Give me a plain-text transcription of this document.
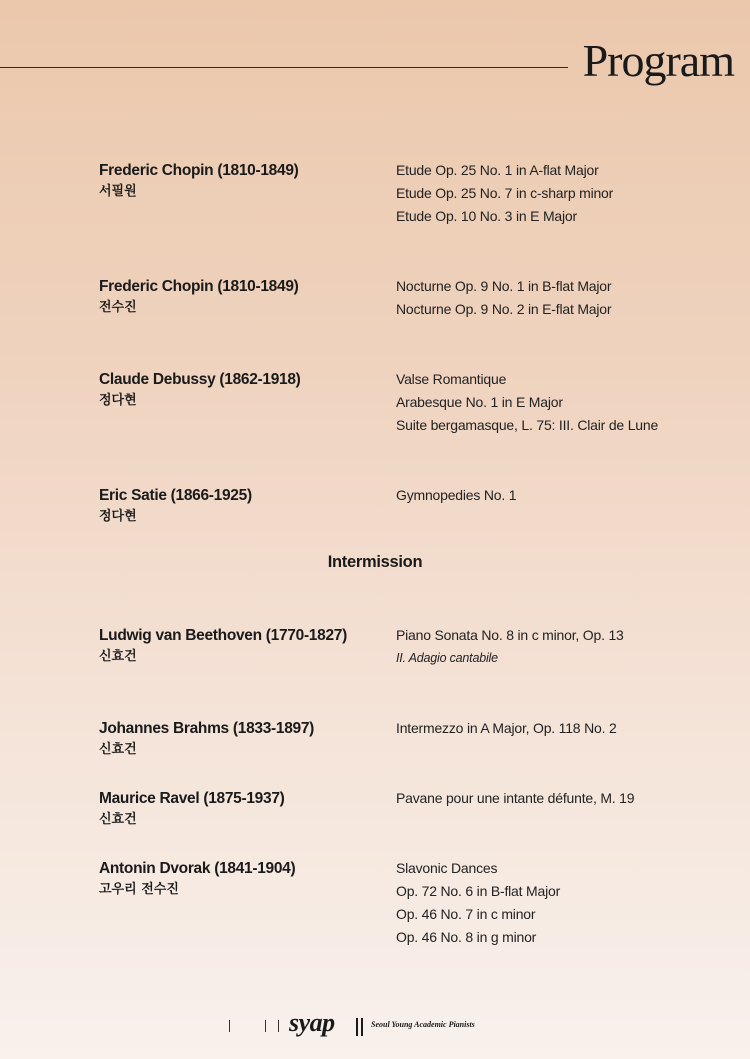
Program
Frederic Chopin (1810-1849)
서필원
Etude Op. 25 No. 1 in A-flat Major
Etude Op. 25 No. 7 in c-sharp minor
Etude Op. 10 No. 3 in E Major
Frederic Chopin (1810-1849)
전수진
Nocturne Op. 9 No. 1 in B-flat Major
Nocturne Op. 9 No. 2 in E-flat Major
Claude Debussy (1862-1918)
정다현
Valse Romantique
Arabesque No. 1 in E Major
Suite bergamasque, L. 75: III. Clair de Lune
Eric Satie (1866-1925)
정다현
Gymnopedies No. 1
Ludwig van Beethoven (1770-1827)
신효건
Piano Sonata No. 8 in c minor, Op. 13
II. Adagio cantabile
Johannes Brahms (1833-1897)
신효건
Intermezzo in A Major, Op. 118 No. 2
Maurice Ravel (1875-1937)
신효건
Pavane pour une intante défunte, M. 19
Antonin Dvorak (1841-1904)
고우리 전수진
Slavonic Dances
Op. 72 No. 6 in B-flat Major
Op. 46 No. 7 in c minor
Op. 46 No. 8 in g minor
Intermission
syap	Seoul Young Academic Pianists
